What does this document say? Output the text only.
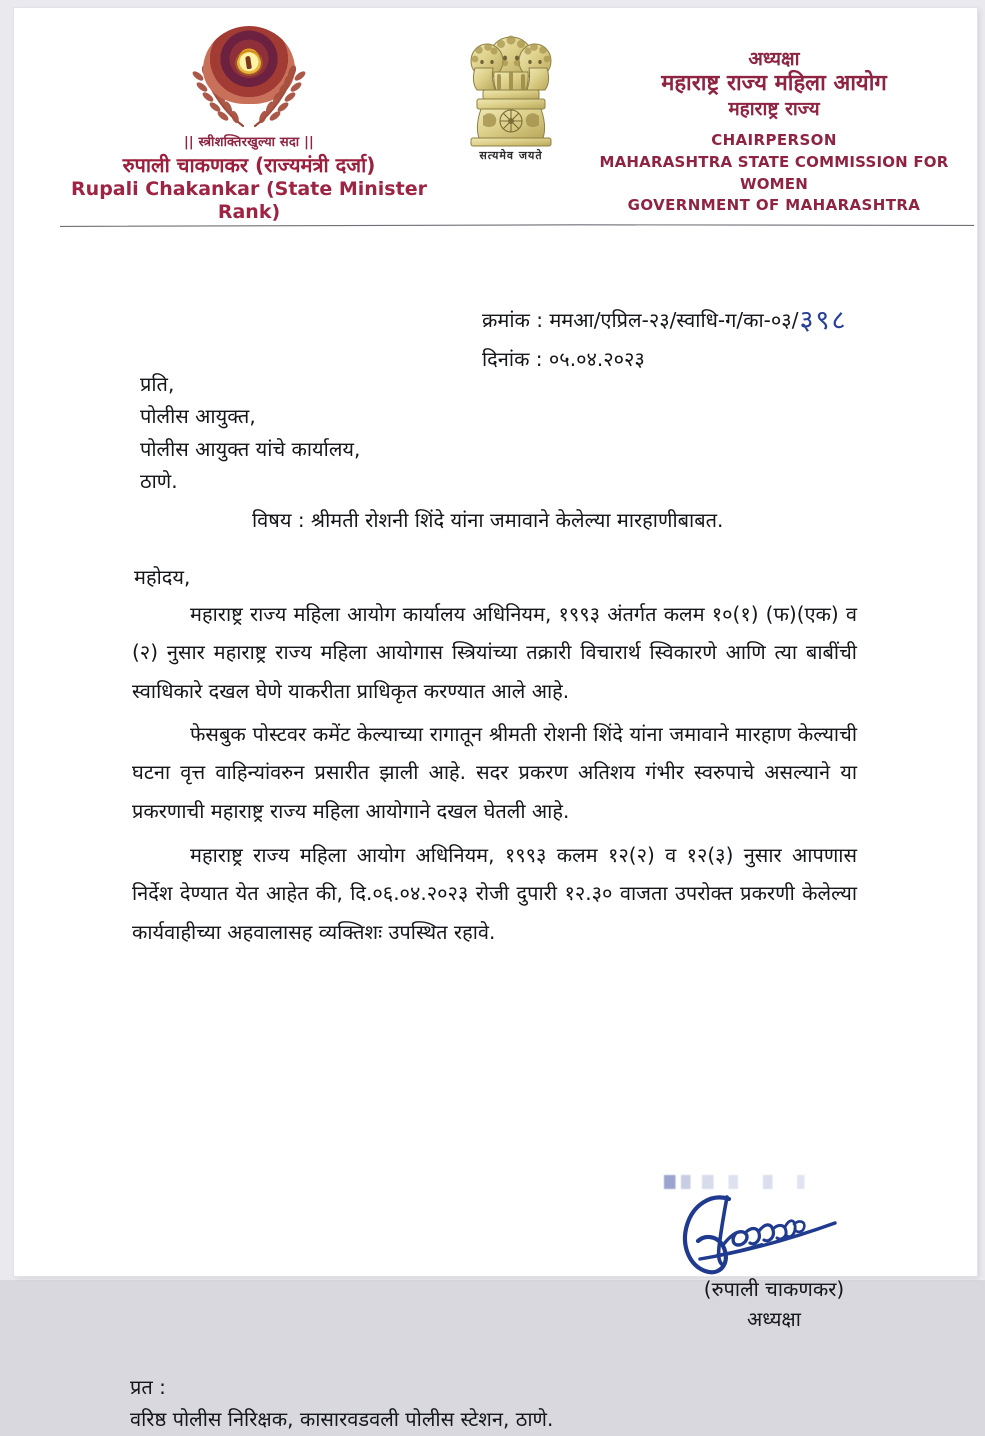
|| स्त्रीशक्तिरखुल्या सदा ||
रुपाली चाकणकर (राज्यमंत्री दर्जा)
Rupali Chakankar (State Minister Rank)
सत्यमेव जयते
अध्यक्षा
महाराष्ट्र राज्य महिला आयोग
महाराष्ट्र राज्य
CHAIRPERSON
MAHARASHTRA STATE COMMISSION FOR WOMEN
GOVERNMENT OF MAHARASHTRA
क्रमांक : ममआ/एप्रिल-२३/स्वाधि-ग/का-०३/३९८
दिनांक : ०५.०४.२०२३
प्रति,
पोलीस आयुक्त,
पोलीस आयुक्त यांचे कार्यालय,
ठाणे.
विषय : श्रीमती रोशनी शिंदे यांना जमावाने केलेल्या मारहाणीबाबत.
महोदय,
महाराष्ट्र राज्य महिला आयोग कार्यालय अधिनियम, १९९३ अंतर्गत कलम १०(१) (फ)(एक) व (२) नुसार महाराष्ट्र राज्य महिला आयोगास स्त्रियांच्या तक्रारी विचारार्थ स्विकारणे आणि त्या बाबींची स्वाधिकारे दखल घेणे याकरीता प्राधिकृत करण्यात आले आहे.
फेसबुक पोस्टवर कमेंट केल्याच्या रागातून श्रीमती रोशनी शिंदे यांना जमावाने मारहाण केल्याची घटना वृत्त वाहिन्यांवरुन प्रसारीत झाली आहे. सदर प्रकरण अतिशय गंभीर स्वरुपाचे असल्याने या प्रकरणाची महाराष्ट्र राज्य महिला आयोगाने दखल घेतली आहे.
महाराष्ट्र राज्य महिला आयोग अधिनियम, १९९३ कलम १२(२) व १२(३) नुसार आपणास निर्देश देण्यात येत आहेत की, दि.०६.०४.२०२३ रोजी दुपारी १२.३० वाजता उपरोक्त प्रकरणी केलेल्या कार्यवाहीच्या अहवालासह व्यक्तिशः उपस्थित रहावे.
(रुपाली चाकणकर)
अध्यक्षा
प्रत :
वरिष्ठ पोलीस निरिक्षक, कासारवडवली पोलीस स्टेशन, ठाणे.
